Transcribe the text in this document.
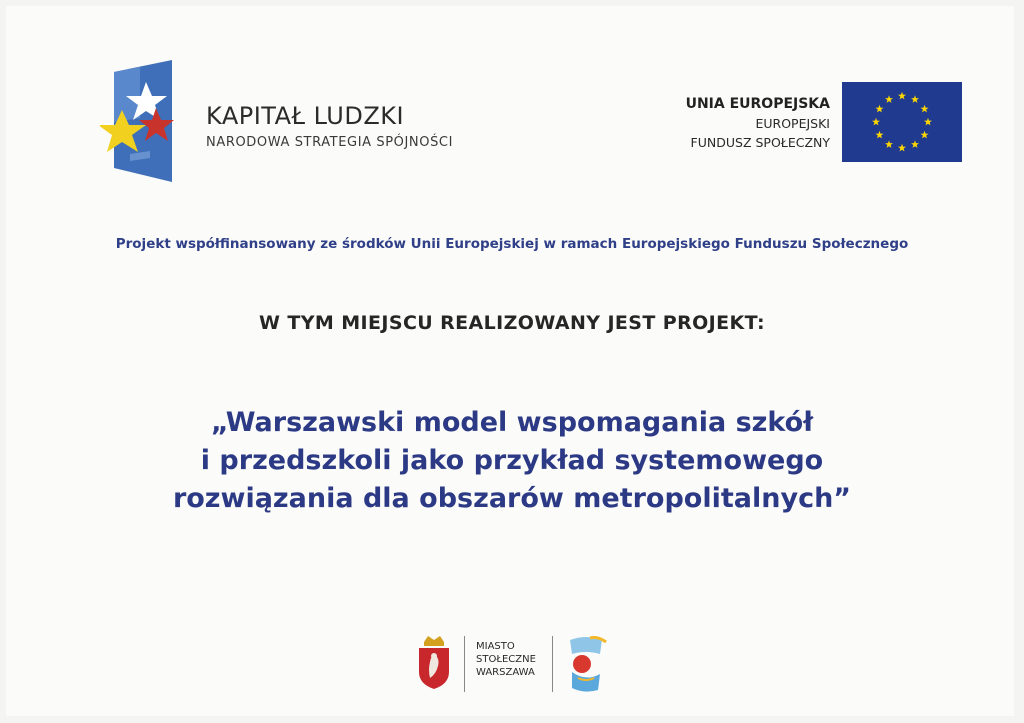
KAPITAŁ LUDZKI
NARODOWA STRATEGIA SPÓJNOŚCI
UNIA EUROPEJSKA
EUROPEJSKI
FUNDUSZ SPOŁECZNY
Projekt współfinansowany ze środków Unii Europejskiej w ramach Europejskiego Funduszu Społecznego
W TYM MIEJSCU REALIZOWANY JEST PROJEKT:
„Warszawski model wspomagania szkół
i przedszkoli jako przykład systemowego
rozwiązania dla obszarów metropolitalnych”
MIASTO
STOŁECZNE
WARSZAWA
